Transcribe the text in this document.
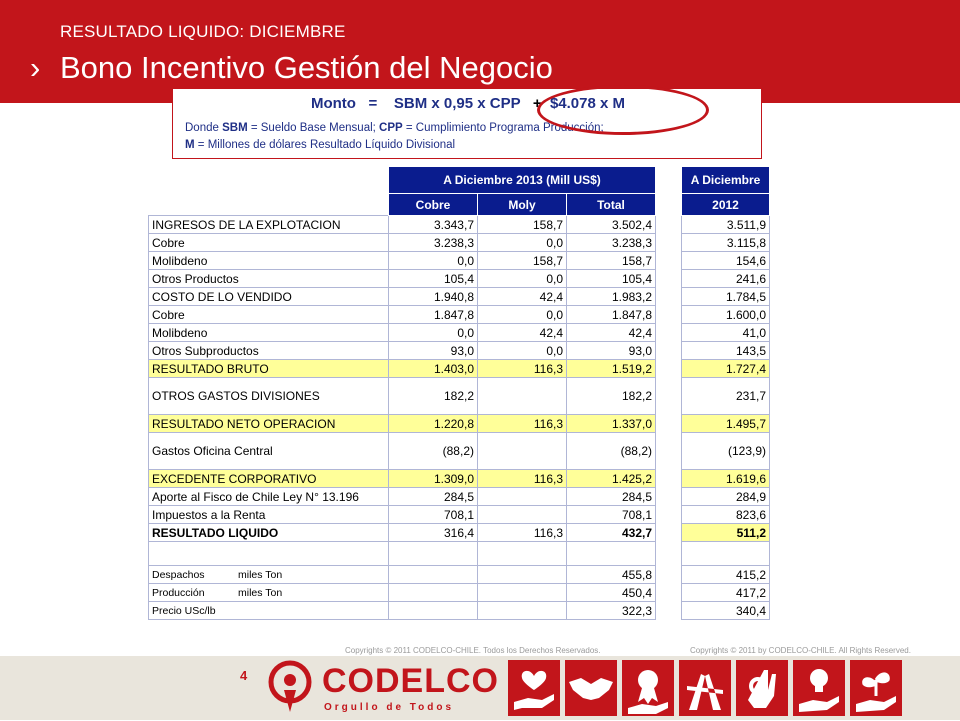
RESULTADO LIQUIDO: DICIEMBRE
› Bono Incentivo Gestión del Negocio
Monto   =    SBM x 0,95 x CPP   +  $4.078 x M
Donde SBM = Sueldo Base Mensual; CPP = Cumplimiento Programa Producción;
M = Millones de dólares Resultado Líquido Divisional
	A Diciembre 2013 (Mill US$)				A Diciembre
	Cobre	Moly	Total		2012
INGRESOS DE LA EXPLOTACION	3.343,7	158,7	3.502,4		3.511,9
Cobre	3.238,3	0,0	3.238,3		3.115,8
Molibdeno	0,0	158,7	158,7		154,6
Otros Productos	105,4	0,0	105,4		241,6
COSTO DE LO VENDIDO	1.940,8	42,4	1.983,2		1.784,5
Cobre	1.847,8	0,0	1.847,8		1.600,0
Molibdeno	0,0	42,4	42,4		41,0
Otros Subproductos	93,0	0,0	93,0		143,5
RESULTADO BRUTO	1.403,0	116,3	1.519,2		1.727,4
OTROS GASTOS DIVISIONES	182,2		182,2		231,7
RESULTADO NETO OPERACION	1.220,8	116,3	1.337,0		1.495,7
Gastos Oficina Central	(88,2)		(88,2)		(123,9)
EXCEDENTE CORPORATIVO	1.309,0	116,3	1.425,2		1.619,6
Aporte al Fisco de Chile Ley N° 13.196	284,5		284,5		284,9
Impuestos a la Renta	708,1		708,1		823,6
RESULTADO LIQUIDO	316,4	116,3	432,7		511,2

Despachos miles Ton			455,8		415,2
Producción miles Ton			450,4		417,2
Precio USc/lb			322,3		340,4
Copyrights © 2011 CODELCO-CHILE. Todos los Derechos Reservados.	Copyrights © 2011 by CODELCO-CHILE. All Rights Reserved.
4 CODELCO
Orgullo de Todos
